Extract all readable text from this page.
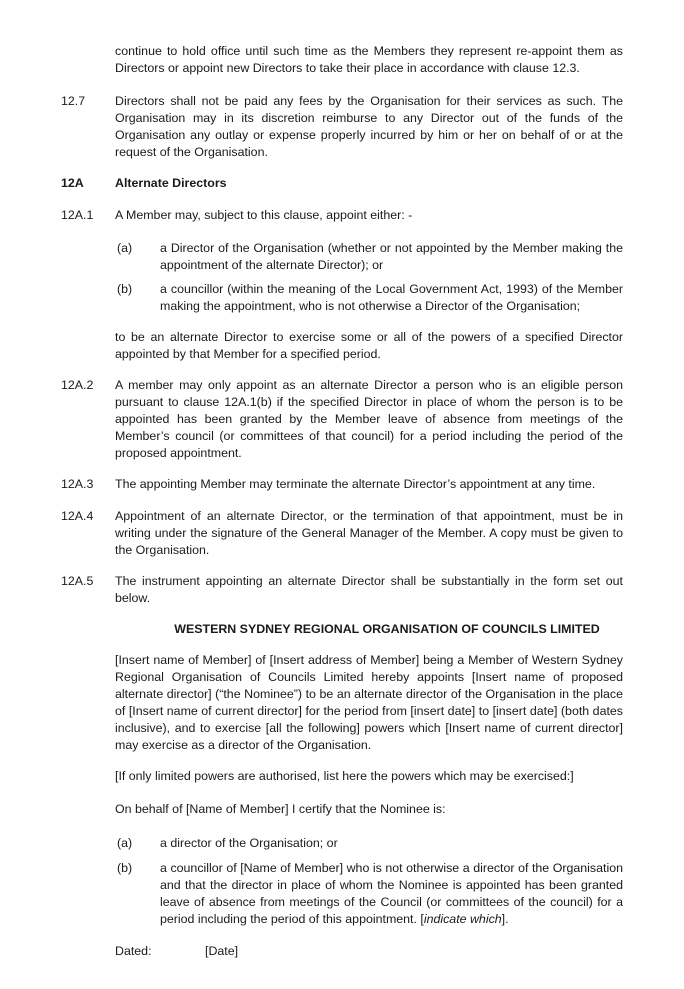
continue to hold office until such time as the Members they represent re-appoint them as Directors or appoint new Directors to take their place in accordance with clause 12.3.

12.7 Directors shall not be paid any fees by the Organisation for their services as such. The Organisation may in its discretion reimburse to any Director out of the funds of the Organisation any outlay or expense properly incurred by him or her on behalf of or at the request of the Organisation.

12A	Alternate Directors

12A.1 A Member may, subject to this clause, appoint either: -

(a) a Director of the Organisation (whether or not appointed by the Member making the appointment of the alternate Director); or

(b) a councillor (within the meaning of the Local Government Act, 1993) of the Member making the appointment, who is not otherwise a Director of the Organisation;

to be an alternate Director to exercise some or all of the powers of a specified Director appointed by that Member for a specified period.

12A.2 A member may only appoint as an alternate Director a person who is an eligible person pursuant to clause 12A.1(b) if the specified Director in place of whom the person is to be appointed has been granted by the Member leave of absence from meetings of the Member’s council (or committees of that council) for a period including the period of the proposed appointment.

12A.3 The appointing Member may terminate the alternate Director’s appointment at any time.

12A.4 Appointment of an alternate Director, or the termination of that appointment, must be in writing under the signature of the General Manager of the Member. A copy must be given to the Organisation.

12A.5 The instrument appointing an alternate Director shall be substantially in the form set out below.

WESTERN SYDNEY REGIONAL ORGANISATION OF COUNCILS LIMITED

[Insert name of Member] of [Insert address of Member] being a Member of Western Sydney Regional Organisation of Councils Limited hereby appoints [Insert name of proposed alternate director] (“the Nominee”) to be an alternate director of the Organisation in the place of [Insert name of current director] for the period from [insert date] to [insert date] (both dates inclusive), and to exercise [all the following] powers which [Insert name of current director] may exercise as a director of the Organisation.

[If only limited powers are authorised, list here the powers which may be exercised:]

On behalf of [Name of Member] I certify that the Nominee is:

(a) a director of the Organisation; or

(b) a councillor of [Name of Member] who is not otherwise a director of the Organisation and that the director in place of whom the Nominee is appointed has been granted leave of absence from meetings of the Council (or committees of the council) for a period including the period of this appointment. [indicate which].

Dated:	[Date]
